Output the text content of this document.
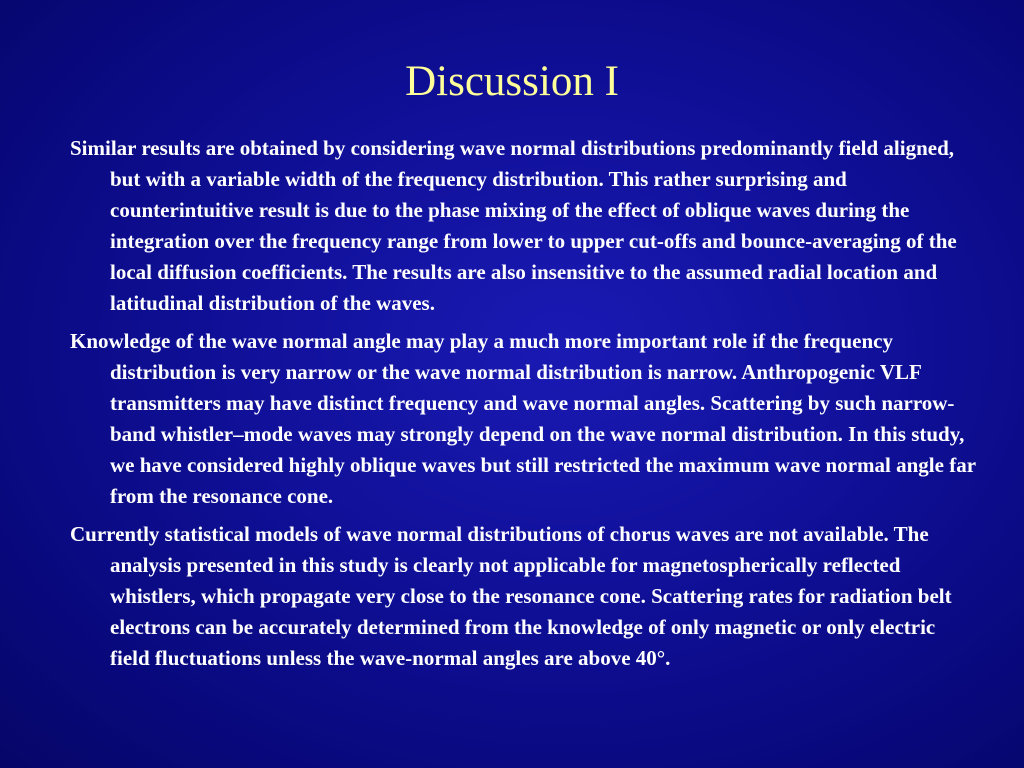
Discussion I
Similar results are obtained by considering wave normal distributions predominantly field aligned, but with a variable width of the frequency distribution. This rather surprising and counterintuitive result is due to the phase mixing of the effect of oblique waves during the integration over the frequency range from lower to upper cut-offs and bounce-averaging of the local diffusion coefficients. The results are also insensitive to the assumed radial location and latitudinal distribution of the waves.
Knowledge of the wave normal angle may play a much more important role if the frequency distribution is very narrow or the wave normal distribution is narrow. Anthropogenic VLF transmitters may have distinct frequency and wave normal angles. Scattering by such narrow-band whistler–mode waves may strongly depend on the wave normal distribution. In this study, we have considered highly oblique waves but still restricted the maximum wave normal angle far from the resonance cone.
Currently statistical models of wave normal distributions of chorus waves are not available. The analysis presented in this study is clearly not applicable for magnetospherically reflected whistlers, which propagate very close to the resonance cone. Scattering rates for radiation belt electrons can be accurately determined from the knowledge of only magnetic or only electric field fluctuations unless the wave-normal angles are above 40°.
